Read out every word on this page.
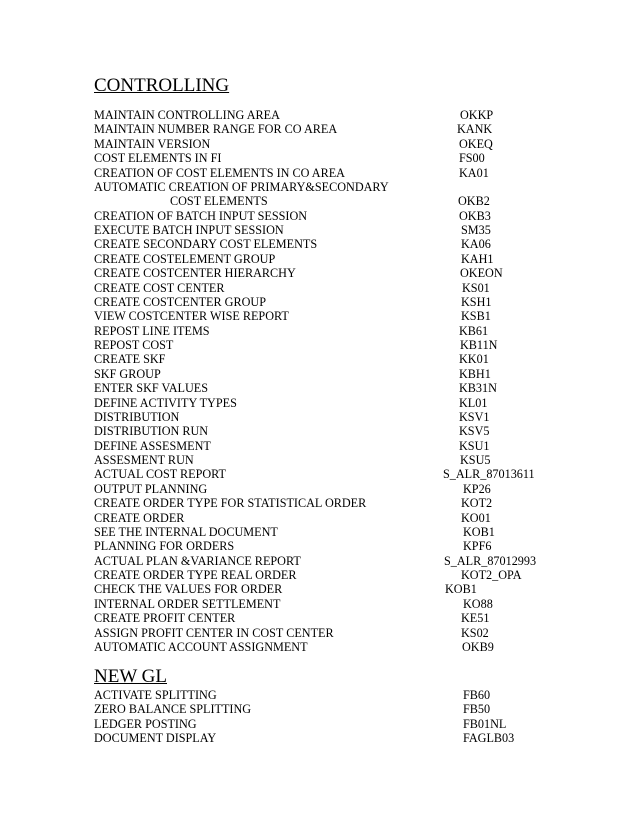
CONTROLLING
MAINTAIN CONTROLLING AREA	OKKP
MAINTAIN NUMBER RANGE FOR CO AREA	KANK
MAINTAIN VERSION	OKEQ
COST ELEMENTS IN FI	FS00
CREATION OF COST ELEMENTS IN CO AREA	KA01
AUTOMATIC CREATION OF PRIMARY&SECONDARY
COST ELEMENTS	OKB2
CREATION OF BATCH INPUT SESSION	OKB3
EXECUTE BATCH INPUT SESSION	SM35
CREATE SECONDARY COST ELEMENTS	KA06
CREATE COSTELEMENT GROUP	KAH1
CREATE COSTCENTER HIERARCHY	OKEON
CREATE COST CENTER	KS01
CREATE COSTCENTER GROUP	KSH1
VIEW COSTCENTER WISE REPORT	KSB1
REPOST LINE ITEMS	KB61
REPOST COST	KB11N
CREATE SKF	KK01
SKF GROUP	KBH1
ENTER SKF VALUES	KB31N
DEFINE ACTIVITY TYPES	KL01
DISTRIBUTION	KSV1
DISTRIBUTION RUN	KSV5
DEFINE ASSESMENT	KSU1
ASSESMENT RUN	KSU5
ACTUAL COST REPORT	S_ALR_87013611
OUTPUT PLANNING	KP26
CREATE ORDER TYPE FOR STATISTICAL ORDER	KOT2
CREATE ORDER	KO01
SEE THE INTERNAL DOCUMENT	KOB1
PLANNING FOR ORDERS	KPF6
ACTUAL PLAN &VARIANCE REPORT	S_ALR_87012993
CREATE ORDER TYPE REAL ORDER	KOT2_OPA
CHECK THE VALUES FOR ORDER	KOB1
INTERNAL ORDER SETTLEMENT	KO88
CREATE PROFIT CENTER	KE51
ASSIGN PROFIT CENTER IN COST CENTER	KS02
AUTOMATIC ACCOUNT ASSIGNMENT	OKB9
NEW GL
ACTIVATE SPLITTING	FB60
ZERO BALANCE SPLITTING	FB50
LEDGER POSTING	FB01NL
DOCUMENT DISPLAY	FAGLB03
